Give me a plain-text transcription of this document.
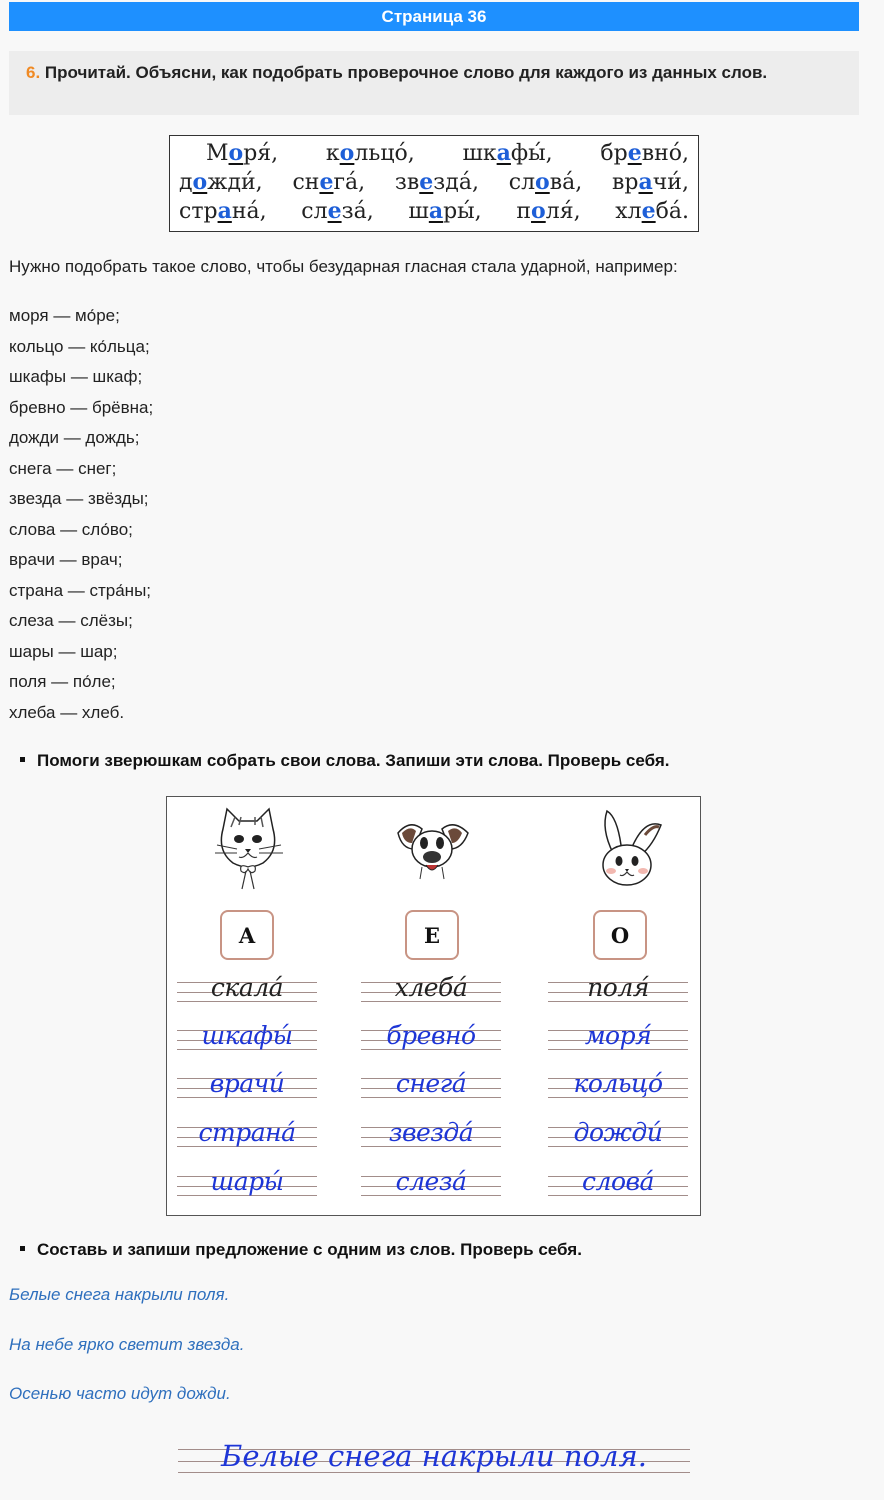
Страница 36
6. Прочитай. Объясни, как подобрать проверочное слово для каждого из данных слов.
Моря́, кольцо́, шкафы́, бревно́,
дожди́, снега́, звезда́, слова́, врачи́,
страна́, слеза́, шары́, поля́, хлеба́.
Нужно подобрать такое слово, чтобы безударная гласная стала ударной, например:
моря — мо́ре;
кольцо — ко́льца;
шкафы — шкаф;
бревно — брёвна;
дожди — дождь;
снега — снег;
звезда — звёзды;
слова — сло́во;
врачи — врач;
страна — стра́ны;
слеза — слёзы;
шары — шар;
поля — по́ле;
хлеба — хлеб.
Помоги зверюшкам собрать свои слова. Запиши эти слова. Проверь себя.
А	Е	О
скала́
шкафы́
врачи́
страна́
шары́
хлеба́
бревно́
снега́
звезда́
слеза́
поля́
моря́
кольцо́
дожди́
слова́
Составь и запиши предложение с одним из слов. Проверь себя.
Белые снега накрыли поля.
На небе ярко светит звезда.
Осенью часто идут дожди.
Белые снега накрыли поля.
